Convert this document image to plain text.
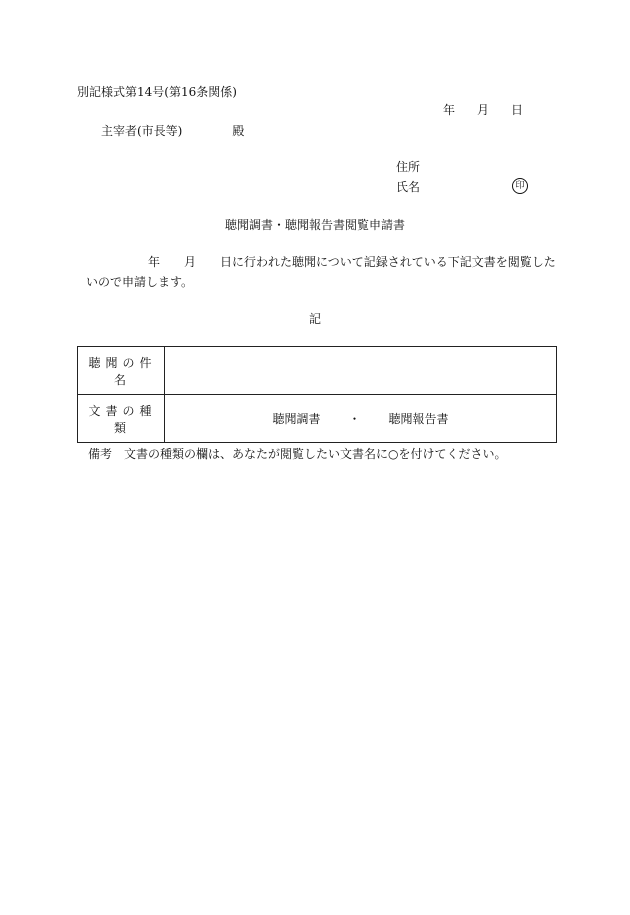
別記様式第14号(第16条関係)
年 月 日
主宰者(市長等)	殿
住所
氏名	印
聴聞調書・聴聞報告書閲覧申請書
年 月 日に行われた聴聞について記録されている下記文書を閲覧した
いので申請します。
記
聴聞の件名	
文書の種類	聴聞調書 ・ 聴聞報告書
備考 文書の種類の欄は、あなたが閲覧したい文書名に○を付けてください。
